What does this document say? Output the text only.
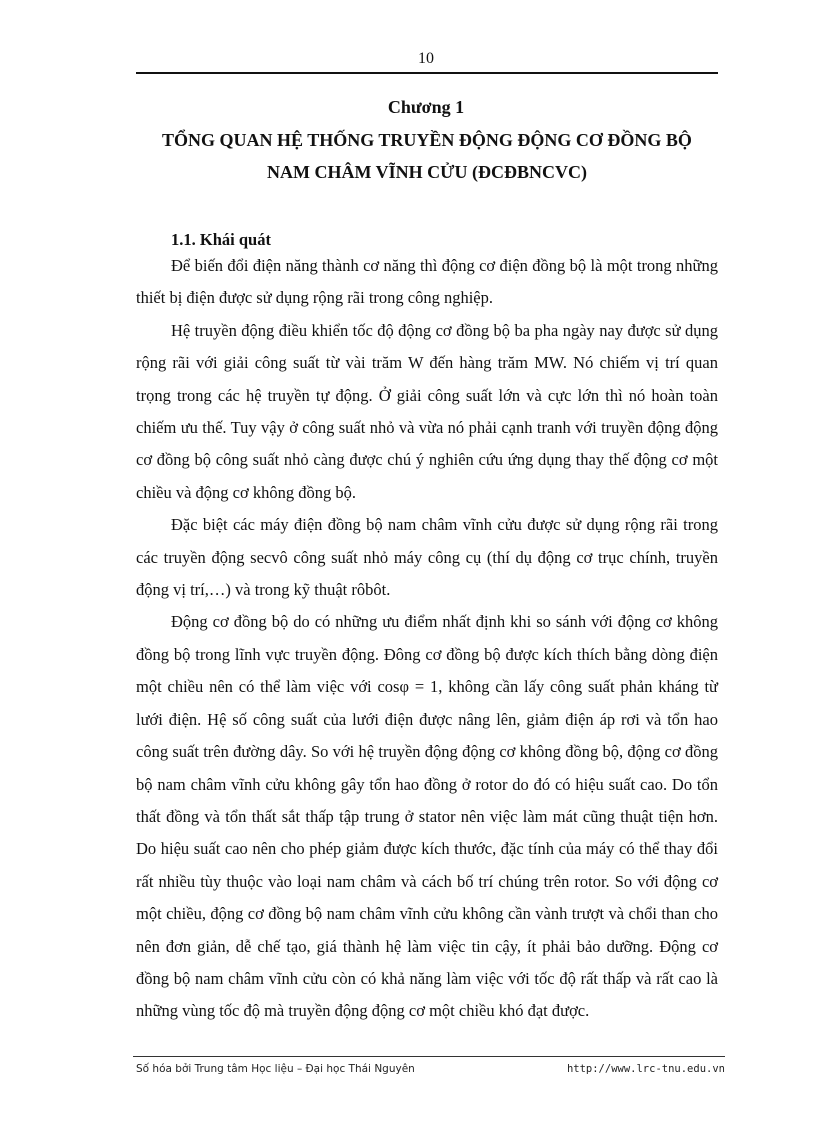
10
Chương 1
TỔNG QUAN HỆ THỐNG TRUYỀN ĐỘNG ĐỘNG CƠ ĐỒNG BỘ
NAM CHÂM VĨNH CỬU (ĐCĐBNCVC)
1.1. Khái quát

Để biến đổi điện năng thành cơ năng thì động cơ điện đồng bộ là một trong những thiết bị điện được sử dụng rộng rãi trong công nghiệp.

Hệ truyền động điều khiển tốc độ động cơ đồng bộ ba pha ngày nay được sử dụng rộng rãi với giải công suất từ vài trăm W đến hàng trăm MW. Nó chiếm vị trí quan trọng trong các hệ truyền tự động. Ở giải công suất lớn và cực lớn thì nó hoàn toàn chiếm ưu thế. Tuy vậy ở công suất nhỏ và vừa nó phải cạnh tranh với truyền động động cơ đồng bộ công suất nhỏ càng được chú ý nghiên cứu ứng dụng thay thế động cơ một chiều và động cơ không đồng bộ.

Đặc biệt các máy điện đồng bộ nam châm vĩnh cửu được sử dụng rộng rãi trong các truyền động secvô công suất nhỏ máy công cụ (thí dụ động cơ trục chính, truyền động vị trí,…) và trong kỹ thuật rôbôt.

Động cơ đồng bộ do có những ưu điểm nhất định khi so sánh với động cơ không đồng bộ trong lĩnh vực truyền động. Đông cơ đồng bộ được kích thích bằng dòng điện một chiều nên có thể làm việc với cosφ = 1, không cần lấy công suất phản kháng từ lưới điện. Hệ số công suất của lưới điện được nâng lên, giảm điện áp rơi và tổn hao công suất trên đường dây. So với hệ truyền động động cơ không đồng bộ, động cơ đồng bộ nam châm vĩnh cửu không gây tổn hao đồng ở rotor do đó có hiệu suất cao. Do tổn thất đồng và tổn thất sắt thấp tập trung ở stator nên việc làm mát cũng thuật tiện hơn. Do hiệu suất cao nên cho phép giảm được kích thước, đặc tính của máy có thể thay đổi rất nhiều tùy thuộc vào loại nam châm và cách bố trí chúng trên rotor. So với động cơ một chiều, động cơ đồng bộ nam châm vĩnh cửu không cần vành trượt và chổi than cho nên đơn giản, dễ chế tạo, giá thành hệ làm việc tin cậy, ít phải bảo dưỡng. Động cơ đồng bộ nam châm vĩnh cửu còn có khả năng làm việc với tốc độ rất thấp và rất cao là những vùng tốc độ mà truyền động động cơ một chiều khó đạt được.

Số hóa bởi Trung tâm Học liệu – Đại học Thái Nguyên	http://www.lrc-tnu.edu.vn
